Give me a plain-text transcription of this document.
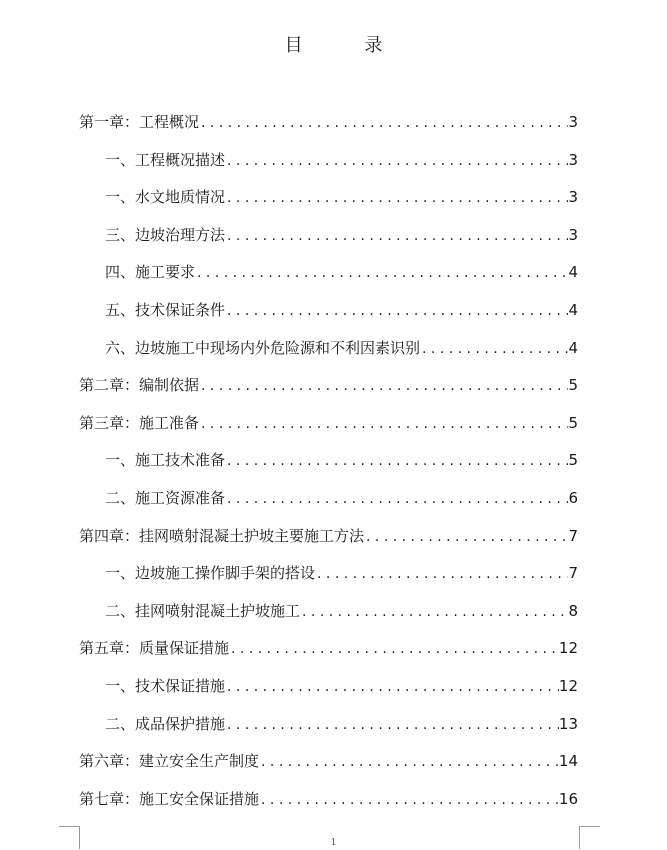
目 录
第一章：工程概况 . . .	3
一、工程概况描述 . . .	3
一、水文地质情况 . . .	3
三、边坡治理方法 . . .	3
四、施工要求 . . .	4
五、技术保证条件 . . .	4
六、边坡施工中现场内外危险源和不利因素识别 . . .	4
第二章：编制依据 . . .	5
第三章：施工准备 . . .	5
一、施工技术准备 . . .	5
二、施工资源准备 . . .	6
第四章：挂网喷射混凝土护坡主要施工方法 . . .	7
一、边坡施工操作脚手架的搭设 . . .	7
二、挂网喷射混凝土护坡施工 . . .	8
第五章：质量保证措施 . . .	12
一、技术保证措施 . . .	12
二、成品保护措施 . . .	13
第六章：建立安全生产制度 . . .	14
第七章：施工安全保证措施 . . .	16
1
